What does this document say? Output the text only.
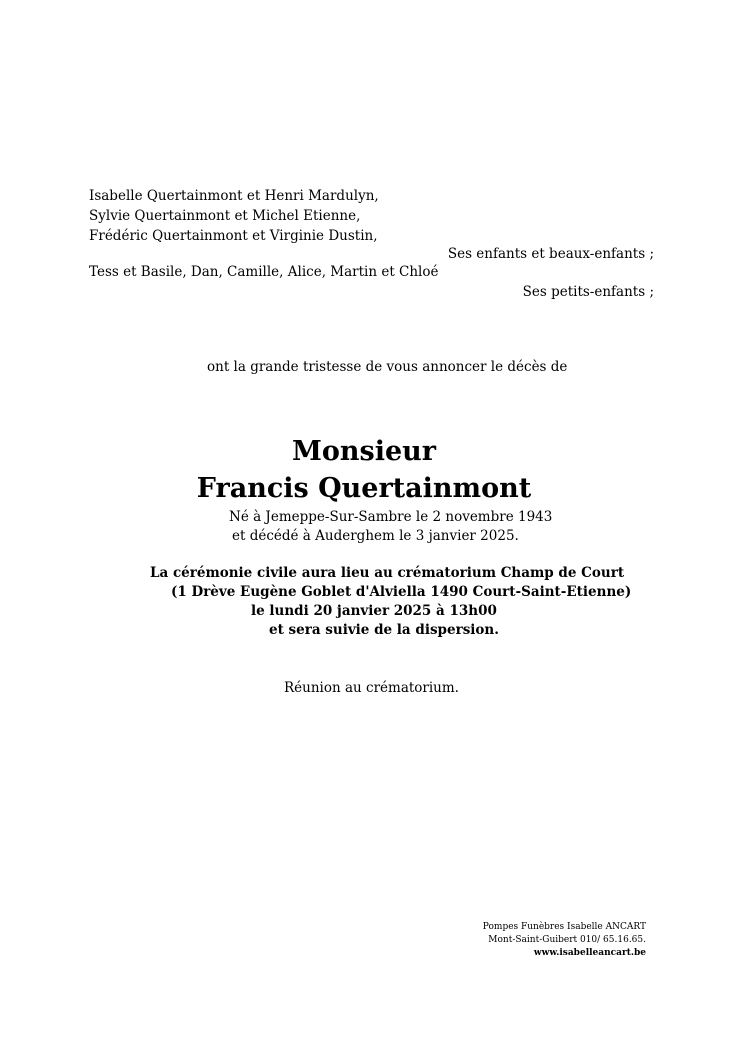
Isabelle Quertainmont et Henri Mardulyn,
Sylvie Quertainmont et Michel Etienne,
Frédéric Quertainmont et Virginie Dustin,
Ses enfants et beaux-enfants ;
Tess et Basile, Dan, Camille, Alice, Martin et Chloé
Ses petits-enfants ;
ont la grande tristesse de vous annoncer le décès de
Monsieur
Francis Quertainmont
Né à Jemeppe-Sur-Sambre le 2 novembre 1943
et décédé à Auderghem le 3 janvier 2025.
La cérémonie civile aura lieu au crématorium Champ de Court
(1 Drève Eugène Goblet d'Alviella 1490 Court-Saint-Etienne)
le lundi 20 janvier 2025 à 13h00
et sera suivie de la dispersion.
Réunion au crématorium.
Pompes Funèbres Isabelle ANCART
Mont-Saint-Guibert 010/ 65.16.65.
www.isabelleancart.be
